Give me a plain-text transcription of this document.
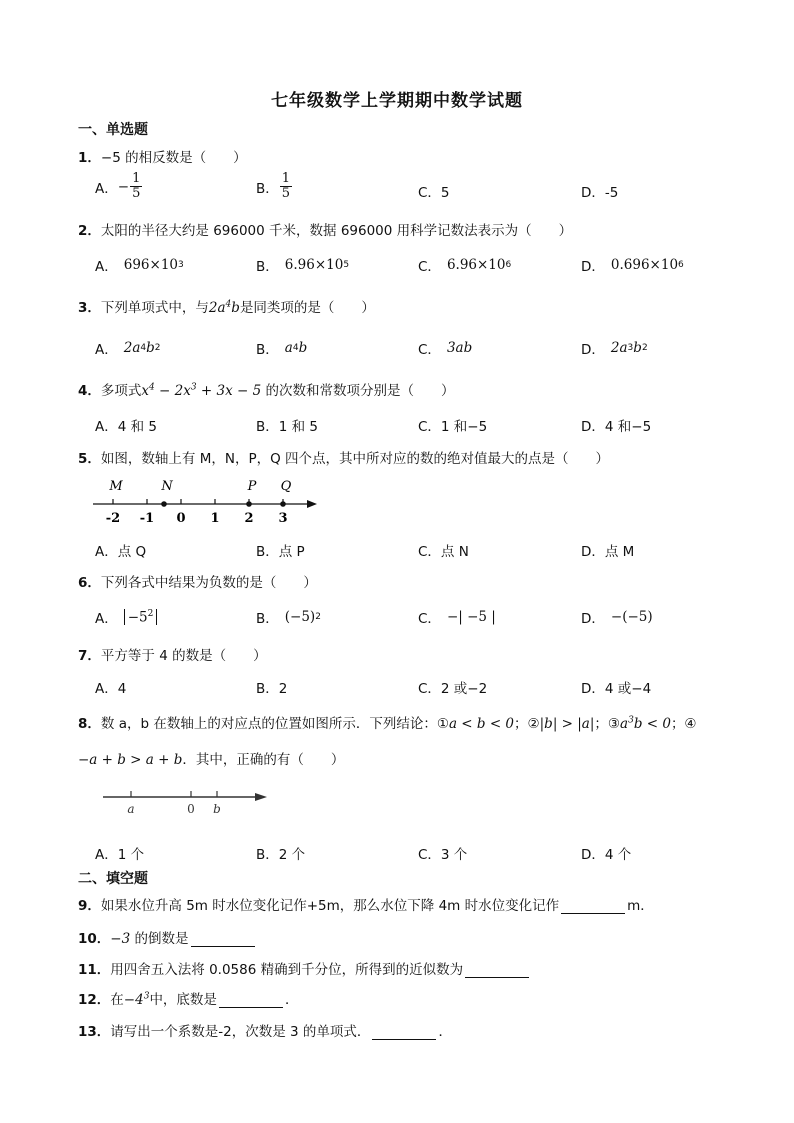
七年级数学上学期期中数学试题
一、单选题
1．−5 的相反数是（　　）
A． − $\frac{1}{5}$	B． $\frac{1}{5}$	C．5	D．-5
2．太阳的半径大约是 696000 千米，数据 696000 用科学记数法表示为（　　）
A． 696×10 3	B． 6.96×10 5	C． 6.96×10 6	D． 0.696×10 6
3．下列单项式中，与$2a^4b$是同类项的是（　　）
A． 2a 4 b 2	B． a 4 b	C． 3ab	D． 2a 3 b 2
4．多项式$x^4 - 2x^3 + 3x - 5$ 的次数和常数项分别是（　　）
A．4 和 5	B．1 和 5	C．1 和−5	D．4 和−5
5．如图，数轴上有 M，N，P，Q 四个点，其中所对应的数的绝对值最大的点是（　　）
-2 -1 0 1 2 3
M	N	P Q
A．点 Q	B．点 P	C．点 N	D．点 M
6．下列各式中结果为负数的是（　　）
A． $-5^2$	B． (−5) 2	C． −| −5 |	D． −(−5)
7．平方等于 4 的数是（　　）
A．4	B．2	C．2 或−2	D．4 或−4
8．数 a，b 在数轴上的对应点的位置如图所示．下列结论：①a < b < 0；②|b| > |a|；$③a^3b < 0$；④
−a + b > a + b．其中，正确的有（　　）
a	0 b
A．1 个	B．2 个	C．3 个	D．4 个
二、填空题
9．如果水位升高 5m 时水位变化记作+5m，那么水位下降 4m 时水位变化记作	m．
10．−3 的倒数是
11．用四舍五入法将 0.0586 精确到千分位，所得到的近似数为
12．在$-4^3$中，底数是	．
13．请写出一个系数是-2，次数是 3 的单项式．	．
